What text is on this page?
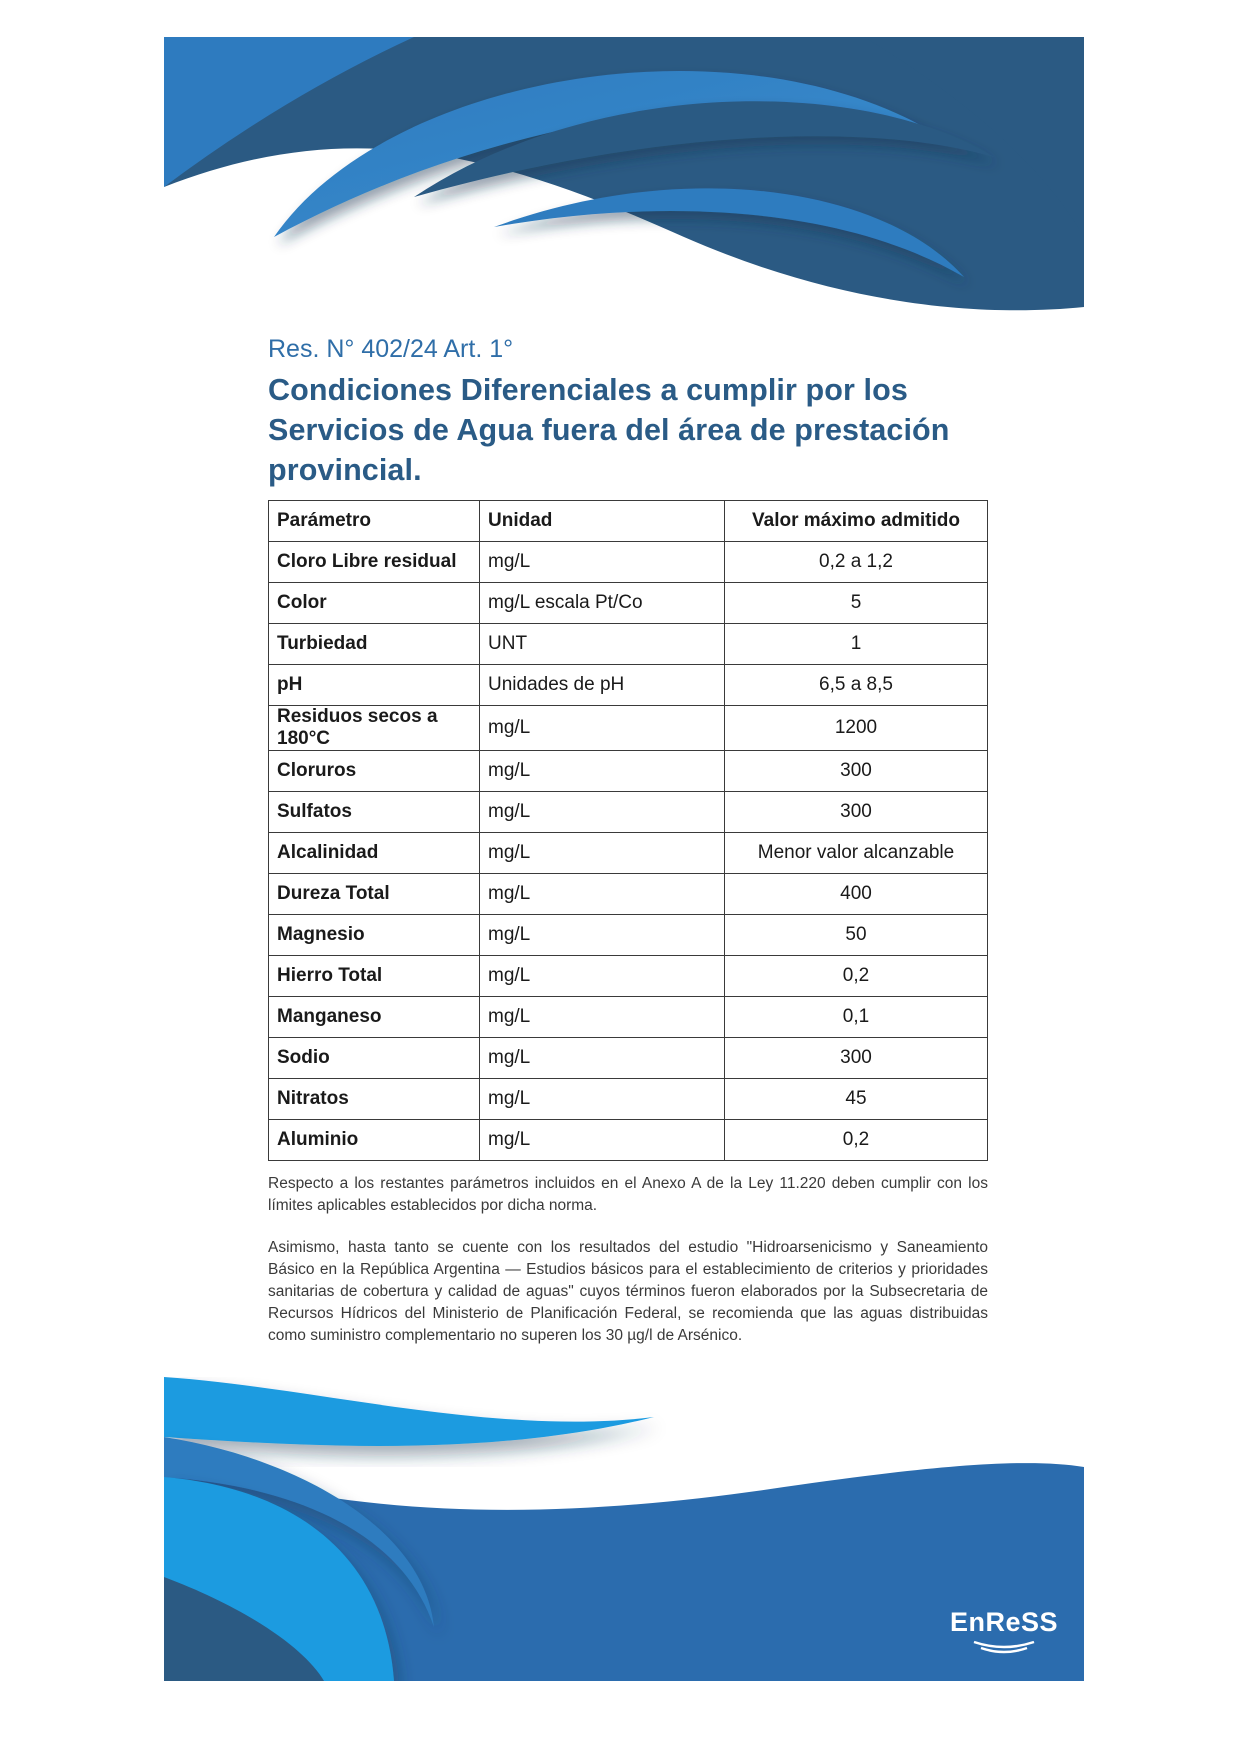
Res. N° 402/24 Art. 1°

Condiciones Diferenciales a cumplir por los Servicios de Agua fuera del área de prestación provincial.
Parámetro	Unidad	Valor máximo admitido
Cloro Libre residual	mg/L	0,2 a 1,2
Color	mg/L escala Pt/Co	5
Turbiedad	UNT	1
pH	Unidades de pH	6,5 a 8,5
Residuos secos a 180°C	mg/L	1200
Cloruros	mg/L	300
Sulfatos	mg/L	300
Alcalinidad	mg/L	Menor valor alcanzable
Dureza Total	mg/L	400
Magnesio	mg/L	50
Hierro Total	mg/L	0,2
Manganeso	mg/L	0,1
Sodio	mg/L	300
Nitratos	mg/L	45
Aluminio	mg/L	0,2

Respecto a los restantes parámetros incluidos en el Anexo A de la Ley 11.220 deben cumplir con los límites aplicables establecidos por dicha norma.

Asimismo, hasta tanto se cuente con los resultados del estudio "Hidroarsenicismo y Saneamiento Básico en la República Argentina — Estudios básicos para el establecimiento de criterios y prioridades sanitarias de cobertura y calidad de aguas" cuyos términos fueron elaborados por la Subsecretaria de Recursos Hídricos del Ministerio de Planificación Federal, se recomienda que las aguas distribuidas como suministro complementario no superen los 30 µg/l de Arsénico.

EnReSS
